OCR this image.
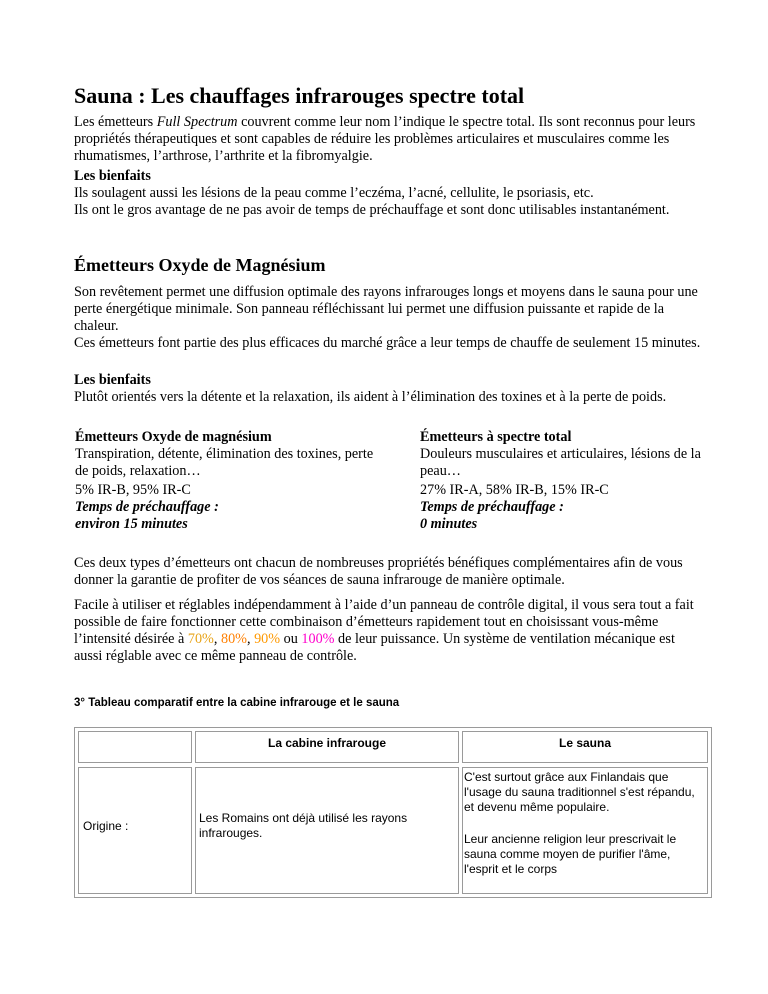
Sauna : Les chauffages infrarouges spectre total

Les émetteurs Full Spectrum couvrent comme leur nom l’indique le spectre total. Ils sont reconnus pour leurs propriétés thérapeutiques et sont capables de réduire les problèmes articulaires et musculaires comme les rhumatismes, l’arthrose, l’arthrite et la fibromyalgie.

Les bienfaits

Ils soulagent aussi les lésions de la peau comme l’eczéma, l’acné, cellulite, le psoriasis, etc.

Ils ont le gros avantage de ne pas avoir de temps de préchauffage et sont donc utilisables instantanément.

Émetteurs Oxyde de Magnésium

Son revêtement permet une diffusion optimale des rayons infrarouges longs et moyens dans le sauna pour une perte énergétique minimale. Son panneau réfléchissant lui permet une diffusion puissante et rapide de la chaleur.

Ces émetteurs font partie des plus efficaces du marché grâce a leur temps de chauffe de seulement 15 minutes.

Les bienfaits

Plutôt orientés vers la détente et la relaxation, ils aident à l’élimination des toxines et à la perte de poids.

Émetteurs Oxyde de magnésium

Transpiration, détente, élimination des toxines, perte de poids, relaxation…

5% IR-B, 95% IR-C

Temps de préchauffage :

environ 15 minutes

Émetteurs à spectre total

Douleurs musculaires et articulaires, lésions de la peau…

27% IR-A, 58% IR-B, 15% IR-C

Temps de préchauffage :

0 minutes

Ces deux types d’émetteurs ont chacun de nombreuses propriétés bénéfiques complémentaires afin de vous donner la garantie de profiter de vos séances de sauna infrarouge de manière optimale.

Facile à utiliser et réglables indépendamment à l’aide d’un panneau de contrôle digital, il vous sera tout a fait possible de faire fonctionner cette combinaison d’émetteurs rapidement tout en choisissant vous-même l’intensité désirée à 70%, 80%, 90% ou 100% de leur puissance. Un système de ventilation mécanique est aussi réglable avec ce même panneau de contrôle.

3° Tableau comparatif entre la cabine infrarouge et le sauna
La cabine infrarouge	Le sauna
Origine :
Les Romains ont déjà utilisé les rayons infrarouges.
C'est surtout grâce aux Finlandais que l'usage du sauna traditionnel s'est répandu, et devenu même populaire.
Leur ancienne religion leur prescrivait le sauna comme moyen de purifier l'âme, l'esprit et le corps
